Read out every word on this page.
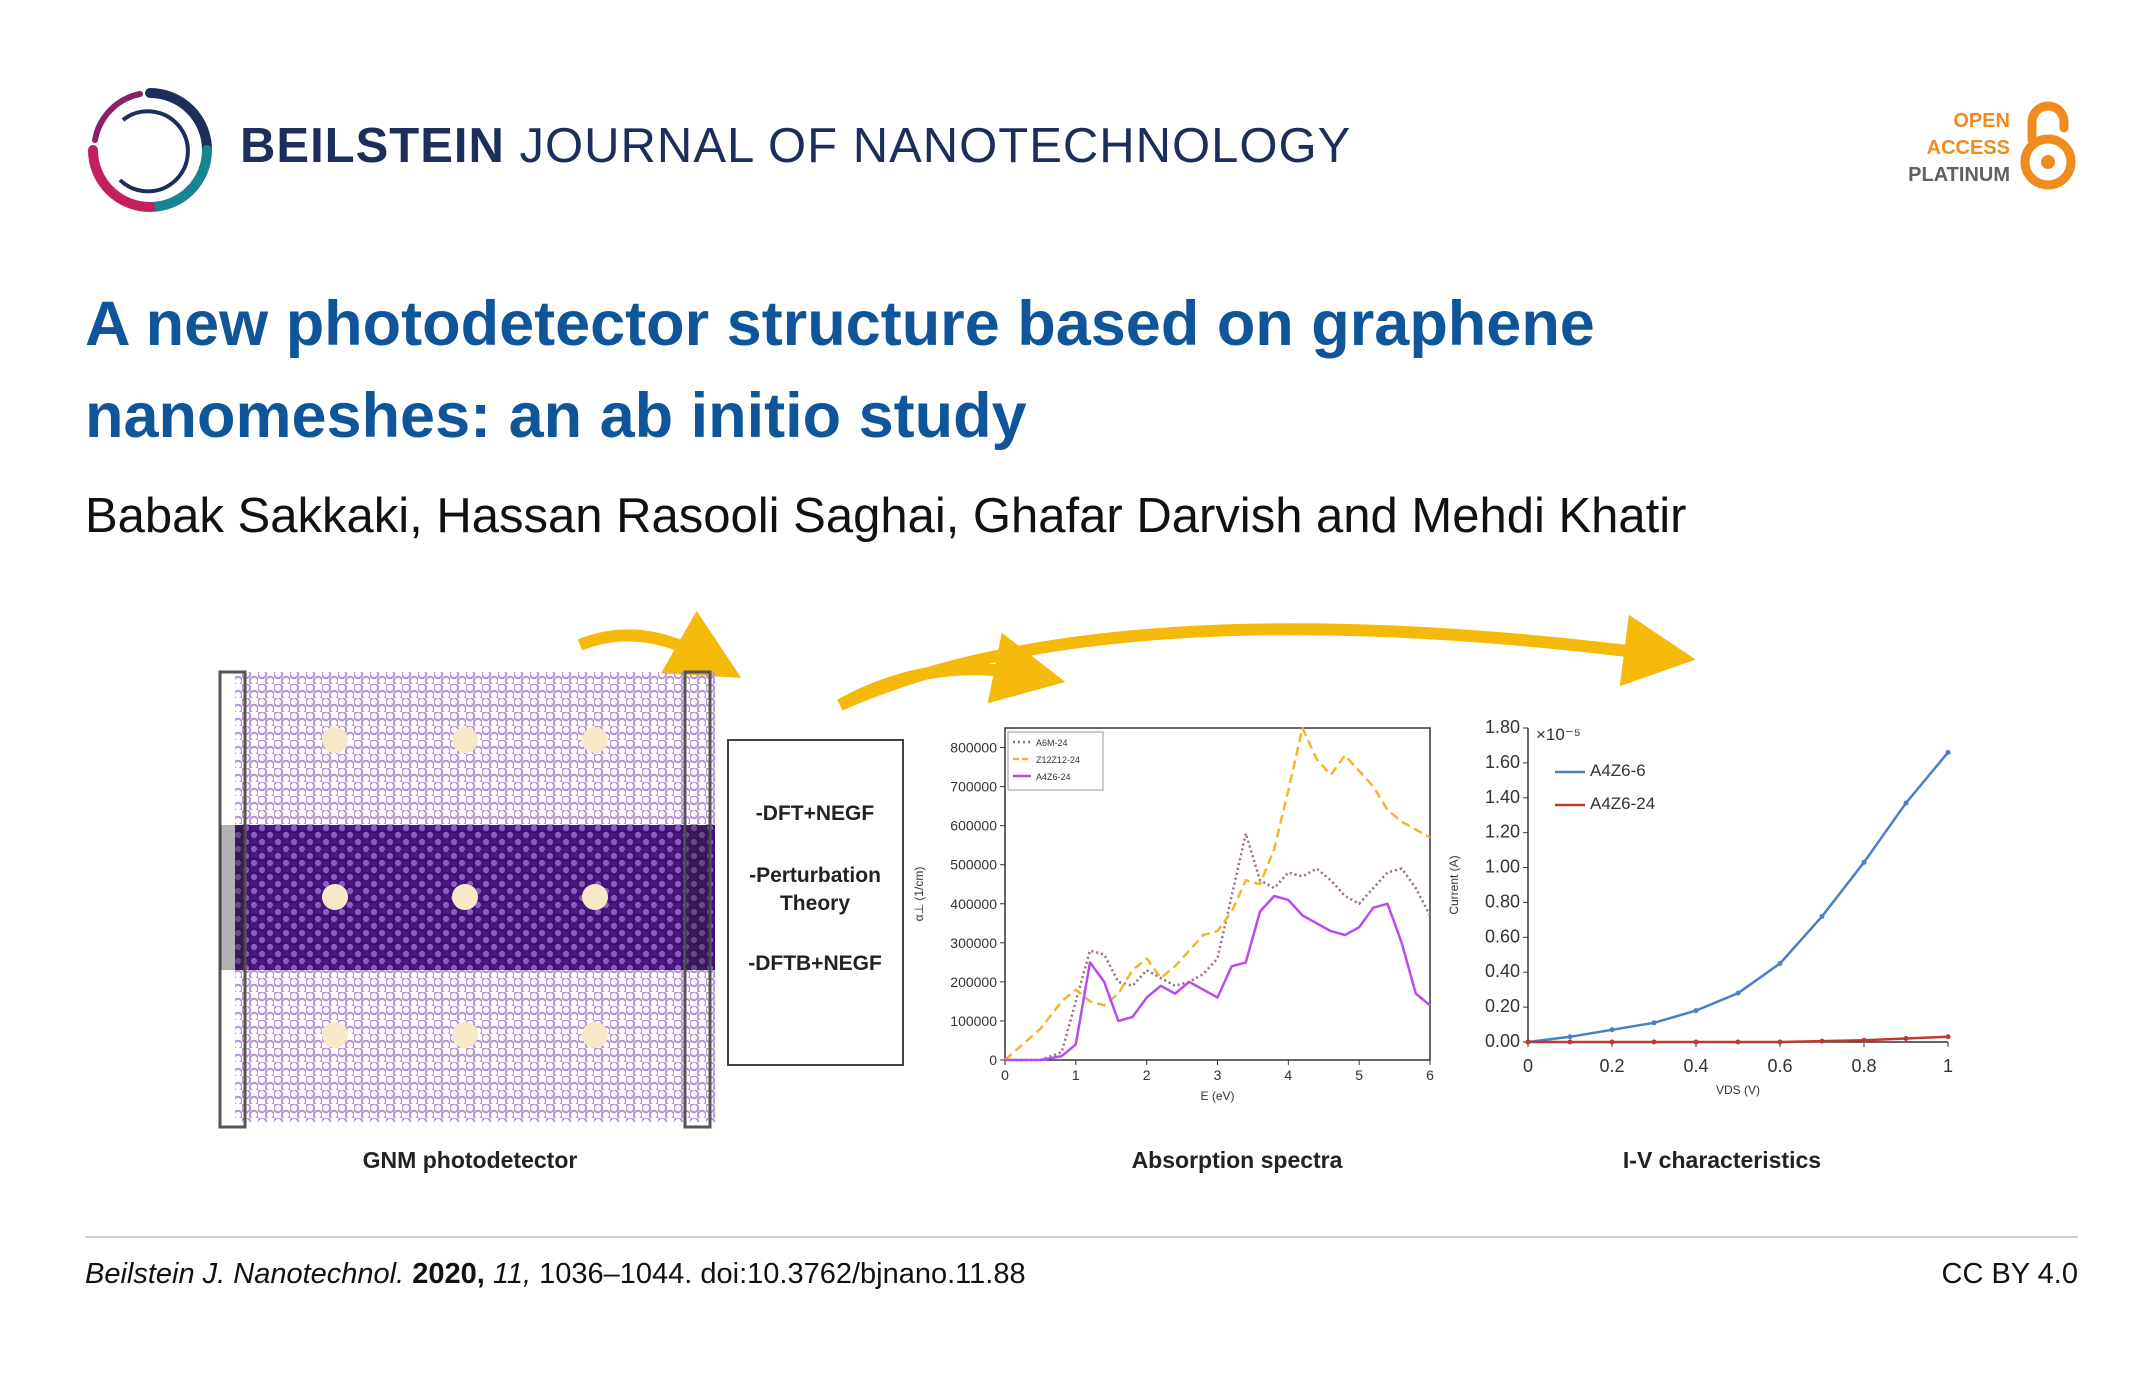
BEILSTEIN JOURNAL OF NANOTECHNOLOGY	OPEN
ACCESS
PLATINUM
A new photodetector structure based on graphene nanomeshes: an ab initio study
Babak Sakkaki, Hassan Rasooli Saghai, Ghafar Darvish and Mehdi Khatir
GNM photodetector
-DFT+NEGF
-Perturbation
Theory
-DFTB+NEGF
0	1	2	3	4	5	6
0
100000
200000
300000
400000
500000
600000
700000
800000
E (eV)
α⊥ (1/cm)
A6M-24
Z12Z12-24
A4Z6-24
Absorption spectra
0	0.2	0.4	0.6	0.8	1
0.00
0.20
0.40
0.60
0.80
1.00
1.20
1.40
1.60
1.80
VDS (V)
Current (A)
×10⁻⁵
A4Z6-6
A4Z6-24
I-V characteristics
Beilstein J. Nanotechnol. 2020, 11, 1036–1044. doi:10.3762/bjnano.11.88	CC BY 4.0
